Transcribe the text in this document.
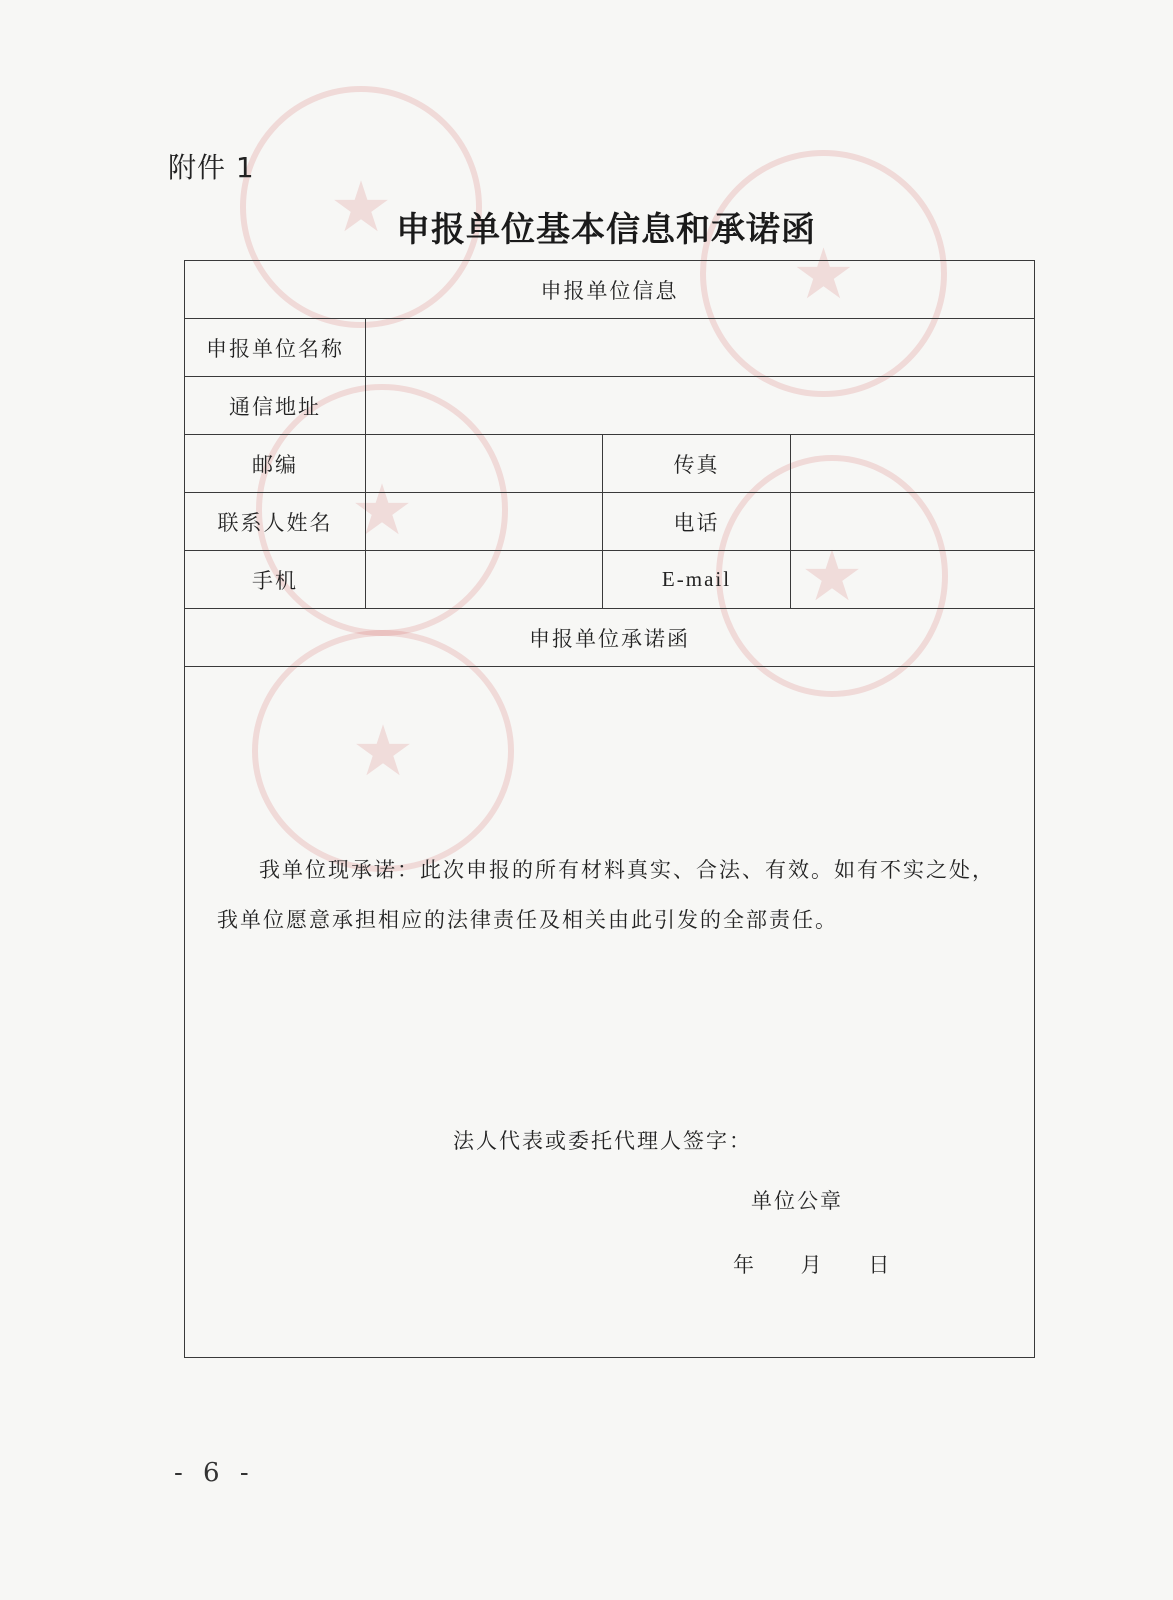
★
★
★
★
★
附件 1
申报单位基本信息和承诺函
申报单位信息			
申报单位名称			
通信地址			
邮编		传真	
联系人姓名		电话	
手机		E-mail	
申报单位承诺函			

我单位现承诺：此次申报的所有材料真实、合法、有效。如有不实之处，我单位愿意承担相应的法律责任及相关由此引发的全部责任。
法人代表或委托代理人签字：
单位公章
年 月 日			
- 6 -
